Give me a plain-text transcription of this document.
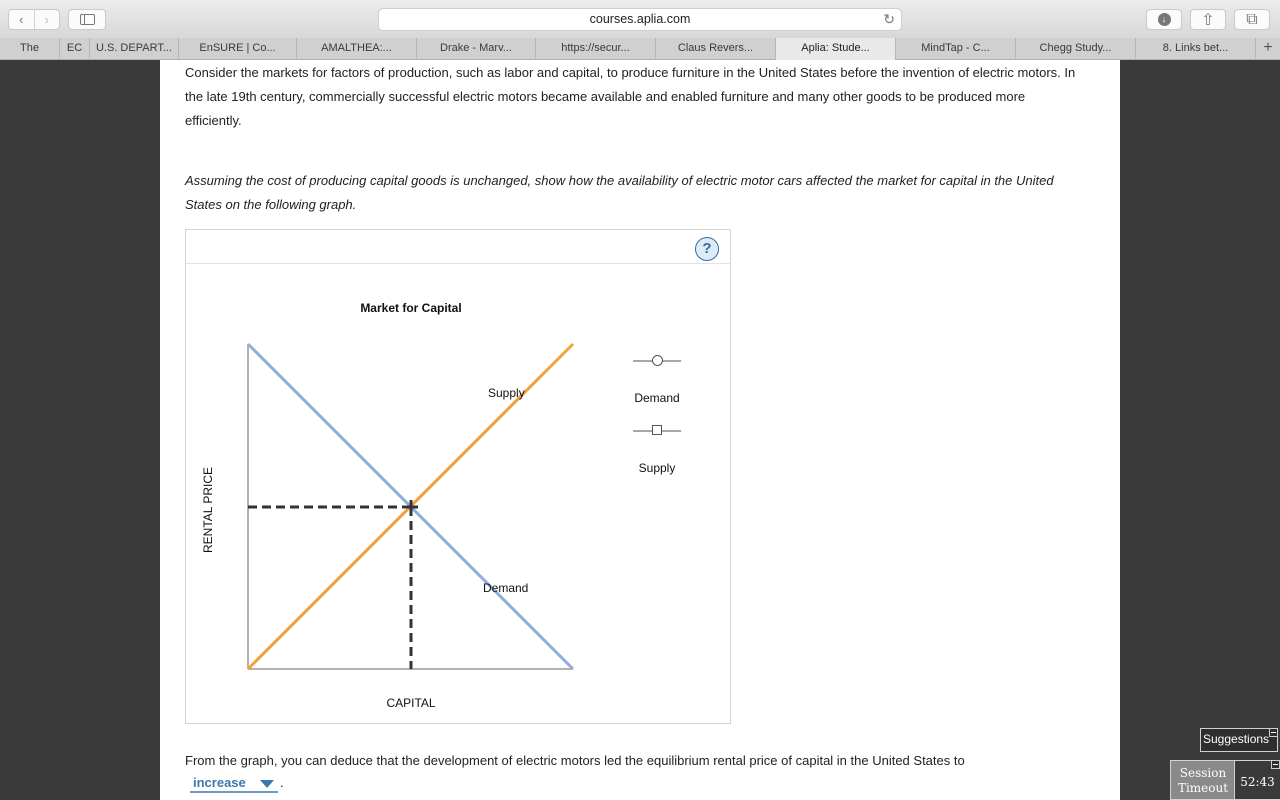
‹	›	courses.aplia.com	↻	↓ ⇧ ⧉
The	EC	U.S. DEPART...	EnSURE | Co...	AMALTHEA:...	Drake - Marv...	https://secur...	Claus Revers...	Aplia: Stude...	MindTap - C...	Chegg Study...	8. Links bet...	+

Consider the markets for factors of production, such as labor and capital, to produce furniture in the United States before the invention of electric motors. In the late 19th century, commercially successful electric motors became available and enabled furniture and many other goods to be produced more efficiently.

Assuming the cost of producing capital goods is unchanged, show how the availability of electric motor cars affected the market for capital in the United States on the following graph.

?
Market for Capital
Supply
Demand
RENTAL PRICE
CAPITAL
Demand
Supply

From the graph, you can deduce that the development of electric motors led the equilibrium rental price of capital in the United States to

increase	.
Suggestions
Session Timeout	52:43
